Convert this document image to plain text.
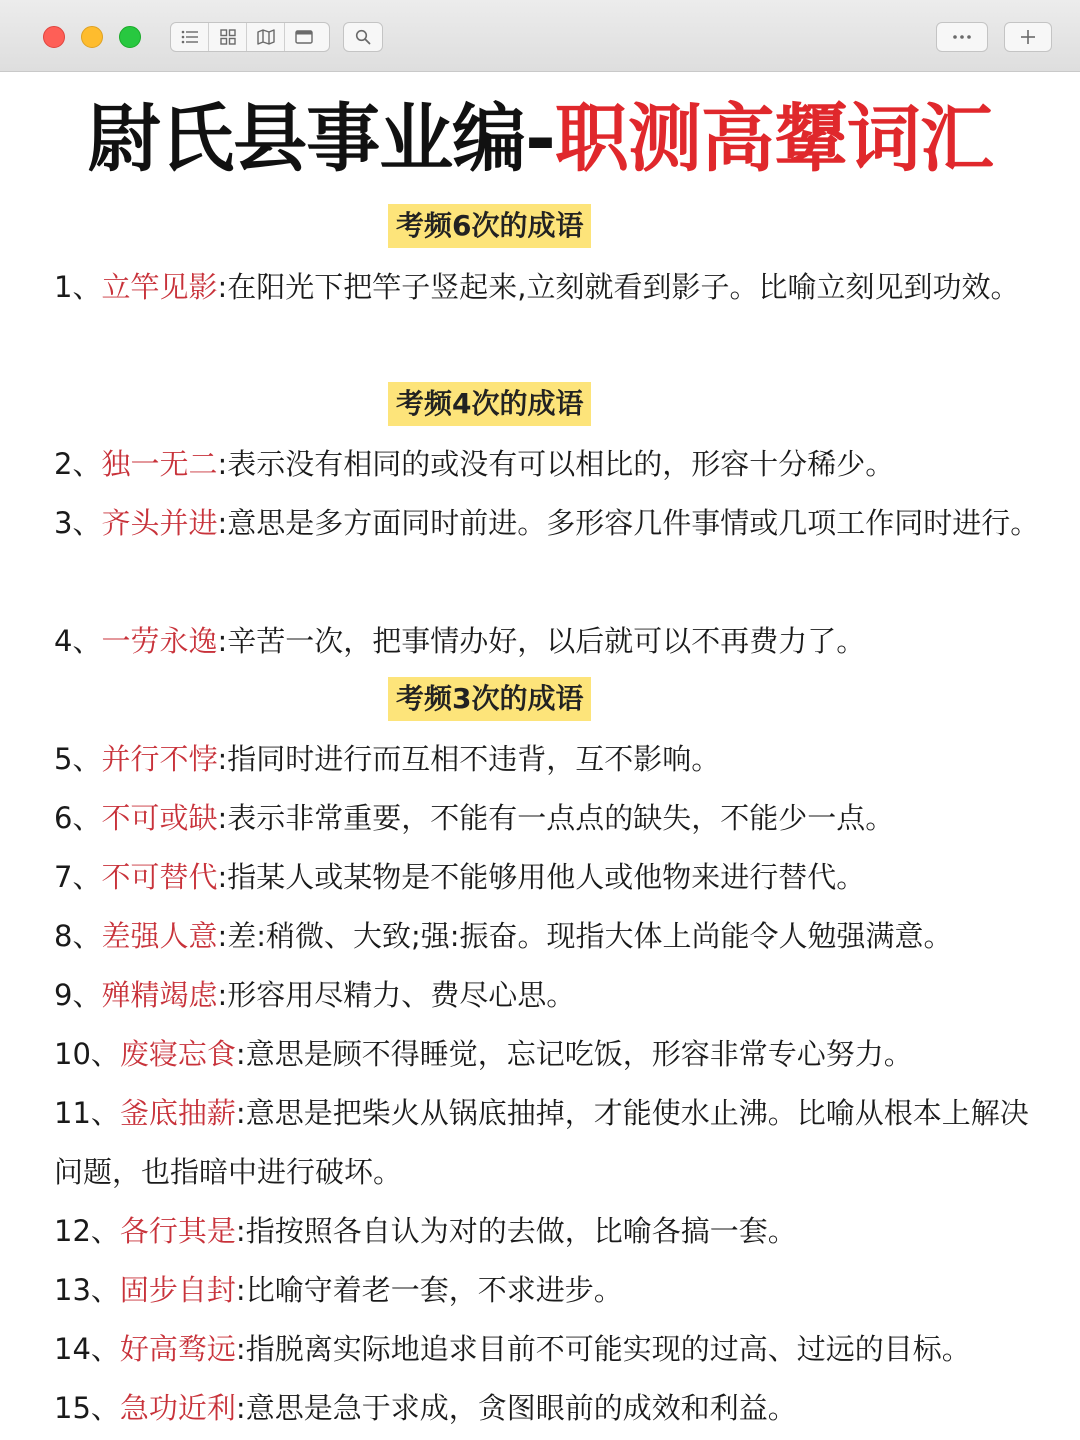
尉氏县事业编-职测高顰词汇
考频6次的成语
1、立竿见影:在阳光下把竿子竖起来,立刻就看到影子。比喻立刻见到功效。
考频4次的成语
2、独一无二:表示没有相同的或没有可以相比的，形容十分稀少。
3、齐头并进:意思是多方面同时前进。多形容几件事情或几项工作同时进行。
4、一劳永逸:辛苦一次，把事情办好，以后就可以不再费力了。
考频3次的成语
5、并行不悖:指同时进行而互相不违背，互不影响。
6、不可或缺:表示非常重要，不能有一点点的缺失，不能少一点。
7、不可替代:指某人或某物是不能够用他人或他物来进行替代。
8、差强人意:差:稍微、大致;强:振奋。现指大体上尚能令人勉强满意。
9、殚精竭虑:形容用尽精力、费尽心思。
10、废寝忘食:意思是顾不得睡觉，忘记吃饭，形容非常专心努力。
11、釜底抽薪:意思是把柴火从锅底抽掉，才能使水止沸。比喻从根本上解决问题，也指暗中进行破坏。
12、各行其是:指按照各自认为对的去做，比喻各搞一套。
13、固步自封:比喻守着老一套，不求进步。
14、好高骛远:指脱离实际地追求目前不可能实现的过高、过远的目标。
15、急功近利:意思是急于求成，贪图眼前的成效和利益。
